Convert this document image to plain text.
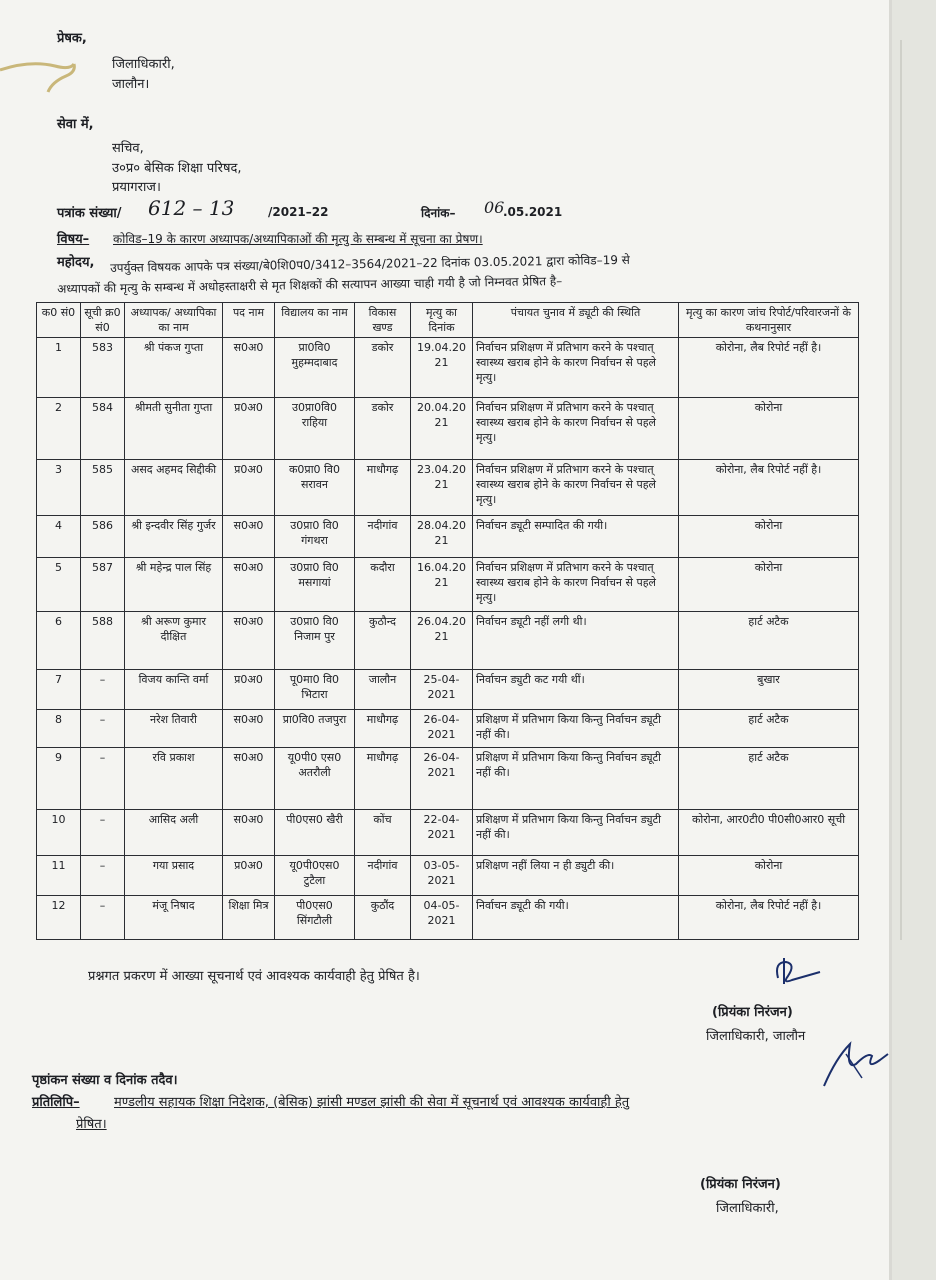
प्रेषक,
जिलाधिकारी,
जालौन।
सेवा में,
सचिव,
उ०प्र० बेसिक शिक्षा परिषद,
प्रयागराज।
पत्रांक संख्या/ 612 – 13	/2021–22	दिनांक– 06
.05.2021
विषय– कोविड–19 के कारण अध्यापक/अध्यापिकाओं की मृत्यु के सम्बन्ध में सूचना का प्रेषण।
महोदय, उपर्युक्त विषयक आपके पत्र संख्या/बे0शि0प0/3412–3564/2021–22 दिनांक 03.05.2021 द्वारा कोविड–19 से
अध्यापकों की मृत्यु के सम्बन्ध में अधोहस्ताक्षरी से मृत शिक्षकों की सत्यापन आख्या चाही गयी है जो निम्नवत प्रेषित है–
क0 सं0	सूची क्र0 सं0	अध्यापक/ अध्यापिका का नाम	पद नाम	विद्यालय का नाम	विकास खण्ड	मृत्यु का दिनांक	पंचायत चुनाव में ड्यूटी की स्थिति	मृत्यु का कारण जांच रिपोर्ट/परिवारजनों के कथनानुसार
1	583	श्री पंकज गुप्ता	स0अ0	प्रा0वि0 मुहम्मदाबाद	डकोर	19.04.2021	निर्वाचन प्रशिक्षण में प्रतिभाग करने के पश्चात् स्वास्थ्य खराब होने के कारण निर्वाचन से पहले मृत्यु।	कोरोना, लैब रिपोर्ट नहीं है।
2	584	श्रीमती सुनीता गुप्ता	प्र0अ0	उ0प्रा0वि0 राहिया	डकोर	20.04.2021	निर्वाचन प्रशिक्षण में प्रतिभाग करने के पश्चात् स्वास्थ्य खराब होने के कारण निर्वाचन से पहले मृत्यु।	कोरोना
3	585	असद अहमद सिद्दीकी	प्र0अ0	क0प्रा0 वि0 सरावन	माधौगढ़	23.04.2021	निर्वाचन प्रशिक्षण में प्रतिभाग करने के पश्चात् स्वास्थ्य खराब होने के कारण निर्वाचन से पहले मृत्यु।	कोरोना, लैब रिपोर्ट नहीं है।
4	586	श्री इन्दवीर सिंह गुर्जर	स0अ0	उ0प्रा0 वि0 गंगथरा	नदीगांव	28.04.2021	निर्वाचन ड्यूटी सम्पादित की गयी।	कोरोना
5	587	श्री महेन्द्र पाल सिंह	स0अ0	उ0प्रा0 वि0 मसगायां	कदौरा	16.04.2021	निर्वाचन प्रशिक्षण में प्रतिभाग करने के पश्चात् स्वास्थ्य खराब होने के कारण निर्वाचन से पहले मृत्यु।	कोरोना
6	588	श्री अरूण कुमार दीक्षित	स0अ0	उ0प्रा0 वि0 निजाम पुर	कुठौन्द	26.04.2021	निर्वाचन ड्यूटी नहीं लगी थी।	हार्ट अटैक
7	–	विजय कान्ति वर्मा	प्र0अ0	पू0मा0 वि0 भिटारा	जालौन	25-04-2021	निर्वाचन ड्युटी कट गयी थीं।	बुखार
8	–	नरेश तिवारी	स0अ0	प्रा0वि0 तजपुरा	माधौगढ़	26-04-2021	प्रशिक्षण में प्रतिभाग किया किन्तु निर्वाचन ड्यूटी नहीं की।	हार्ट अटैक
9	–	रवि प्रकाश	स0अ0	यू0पी0 एस0 अतरौली	माधौगढ़	26-04-2021	प्रशिक्षण में प्रतिभाग किया किन्तु निर्वाचन ड्यूटी नहीं की।	हार्ट अटैक
10	–	आसिद अली	स0अ0	पी0एस0 खैरी	कोंच	22-04-2021	प्रशिक्षण में प्रतिभाग किया किन्तु निर्वाचन ड्युटी नहीं की।	कोरोना, आर0टी0 पी0सी0आर0 सूची
11	–	गया प्रसाद	प्र0अ0	यू0पी0एस0 टुटैला	नदीगांव	03-05-2021	प्रशिक्षण नहीं लिया न ही ड्युटी की।	कोरोना
12	–	मंजू निषाद	शिक्षा मित्र	पी0एस0 सिंगटौली	कुठौंद	04-05-2021	निर्वाचन ड्यूटी की गयी।	कोरोना, लैब रिपोर्ट नहीं है।
प्रश्नगत प्रकरण में आख्या सूचनार्थ एवं आवश्यक कार्यवाही हेतु प्रेषित है।
(प्रियंका निरंजन)
जिलाधिकारी, जालौन
पृष्ठांकन संख्या व दिनांक तदैव।
प्रतिलिपि–	मण्डलीय सहायक शिक्षा निदेशक, (बेसिक) झांसी मण्डल झांसी की सेवा में सूचनार्थ एवं आवश्यक कार्यवाही हेतु
प्रेषित।
(प्रियंका निरंजन)
जिलाधिकारी,
